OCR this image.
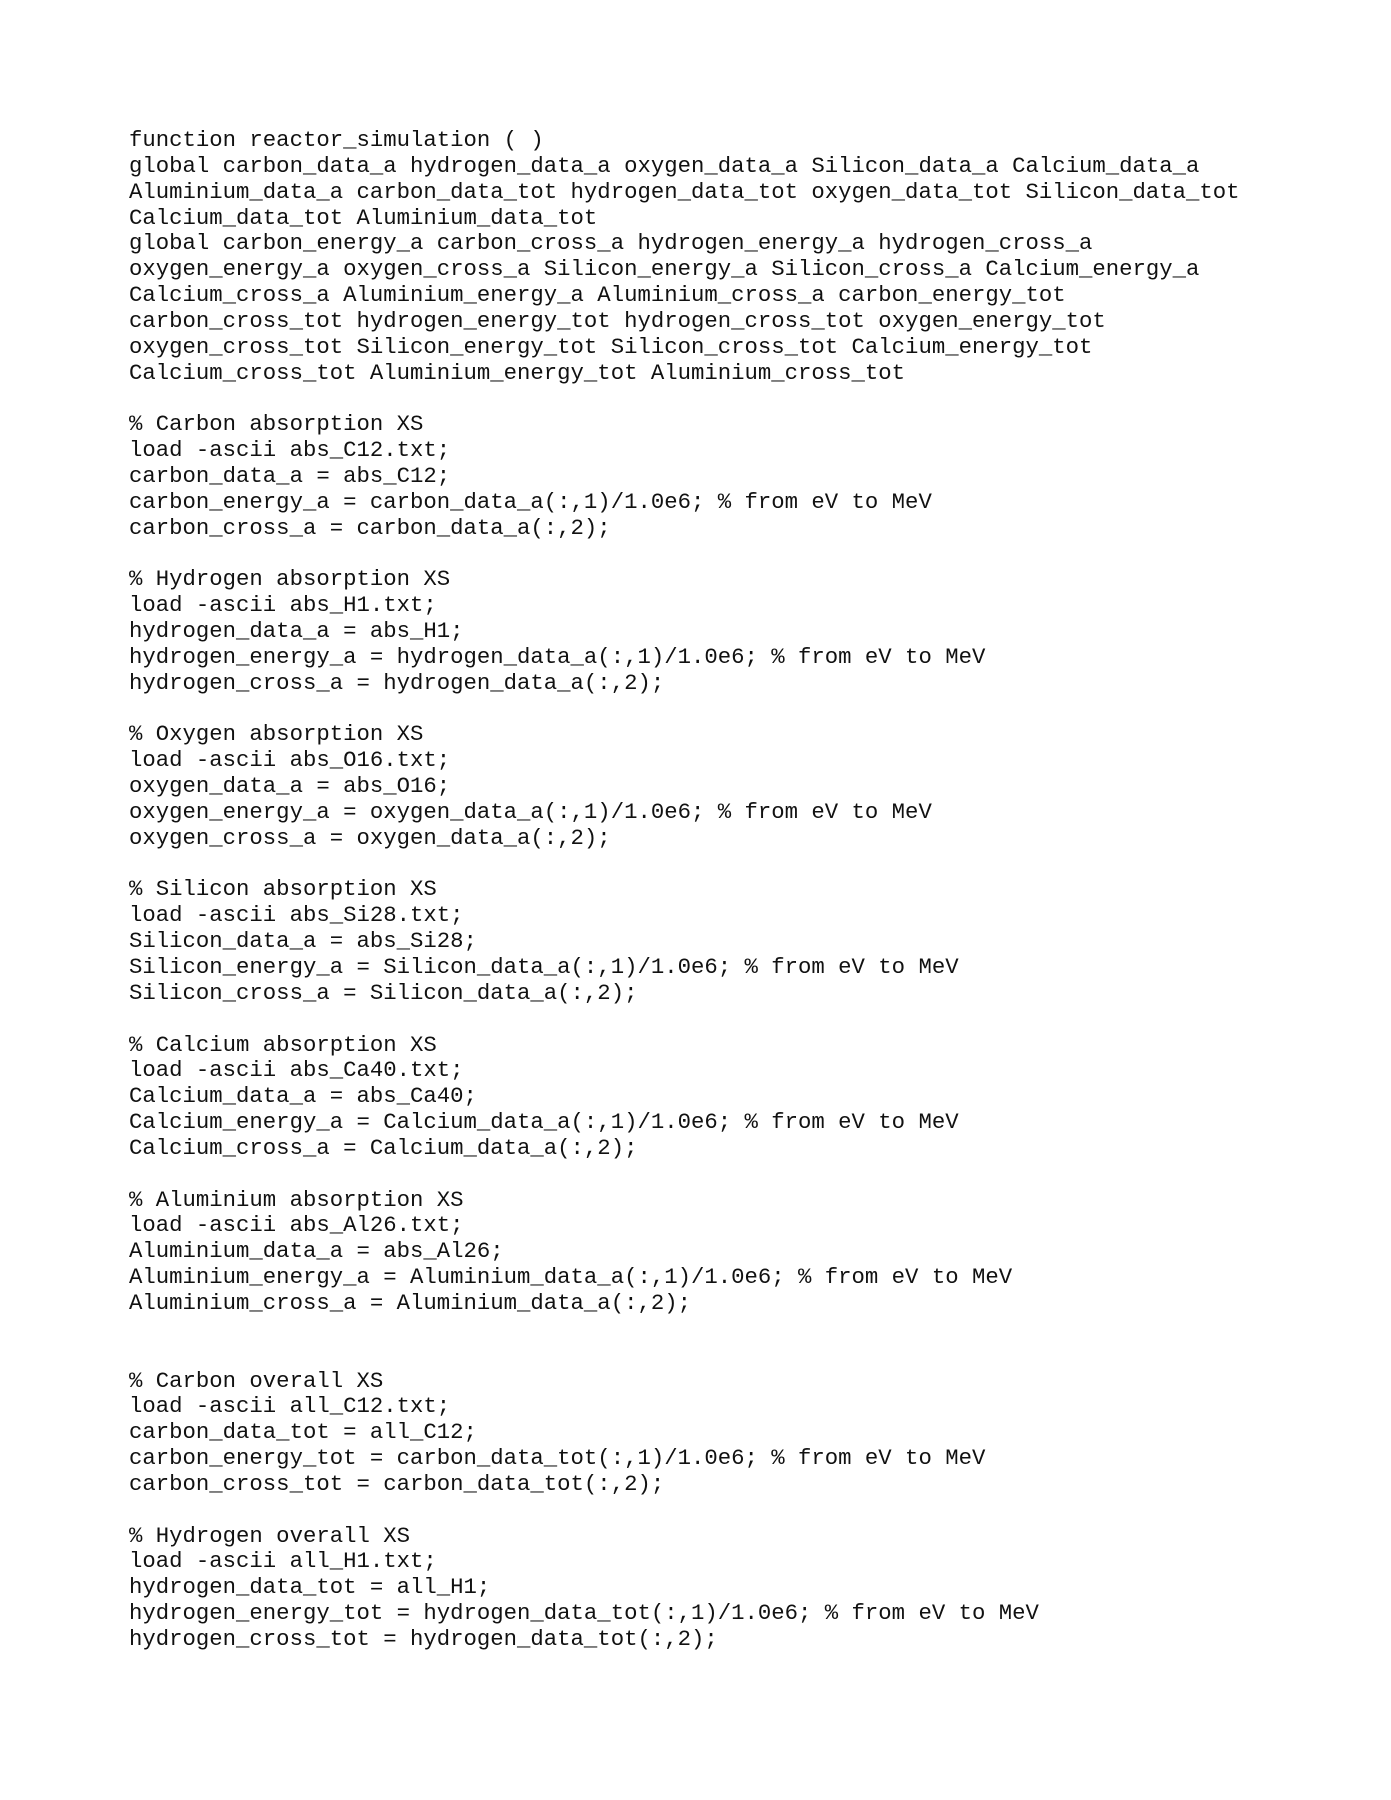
function reactor_simulation ( )
global carbon_data_a hydrogen_data_a oxygen_data_a Silicon_data_a Calcium_data_a
Aluminium_data_a carbon_data_tot hydrogen_data_tot oxygen_data_tot Silicon_data_tot
Calcium_data_tot Aluminium_data_tot
global carbon_energy_a carbon_cross_a hydrogen_energy_a hydrogen_cross_a
oxygen_energy_a oxygen_cross_a Silicon_energy_a Silicon_cross_a Calcium_energy_a
Calcium_cross_a Aluminium_energy_a Aluminium_cross_a carbon_energy_tot
carbon_cross_tot hydrogen_energy_tot hydrogen_cross_tot oxygen_energy_tot
oxygen_cross_tot Silicon_energy_tot Silicon_cross_tot Calcium_energy_tot
Calcium_cross_tot Aluminium_energy_tot Aluminium_cross_tot
% Carbon absorption XS
load -ascii abs_C12.txt;
carbon_data_a = abs_C12;
carbon_energy_a = carbon_data_a(:,1)/1.0e6; % from eV to MeV
carbon_cross_a = carbon_data_a(:,2);
% Hydrogen absorption XS
load -ascii abs_H1.txt;
hydrogen_data_a = abs_H1;
hydrogen_energy_a = hydrogen_data_a(:,1)/1.0e6; % from eV to MeV
hydrogen_cross_a = hydrogen_data_a(:,2);
% Oxygen absorption XS
load -ascii abs_O16.txt;
oxygen_data_a = abs_O16;
oxygen_energy_a = oxygen_data_a(:,1)/1.0e6; % from eV to MeV
oxygen_cross_a = oxygen_data_a(:,2);
% Silicon absorption XS
load -ascii abs_Si28.txt;
Silicon_data_a = abs_Si28;
Silicon_energy_a = Silicon_data_a(:,1)/1.0e6; % from eV to MeV
Silicon_cross_a = Silicon_data_a(:,2);
% Calcium absorption XS
load -ascii abs_Ca40.txt;
Calcium_data_a = abs_Ca40;
Calcium_energy_a = Calcium_data_a(:,1)/1.0e6; % from eV to MeV
Calcium_cross_a = Calcium_data_a(:,2);
% Aluminium absorption XS
load -ascii abs_Al26.txt;
Aluminium_data_a = abs_Al26;
Aluminium_energy_a = Aluminium_data_a(:,1)/1.0e6; % from eV to MeV
Aluminium_cross_a = Aluminium_data_a(:,2);
% Carbon overall XS
load -ascii all_C12.txt;
carbon_data_tot = all_C12;
carbon_energy_tot = carbon_data_tot(:,1)/1.0e6; % from eV to MeV
carbon_cross_tot = carbon_data_tot(:,2);
% Hydrogen overall XS
load -ascii all_H1.txt;
hydrogen_data_tot = all_H1;
hydrogen_energy_tot = hydrogen_data_tot(:,1)/1.0e6; % from eV to MeV
hydrogen_cross_tot = hydrogen_data_tot(:,2);
